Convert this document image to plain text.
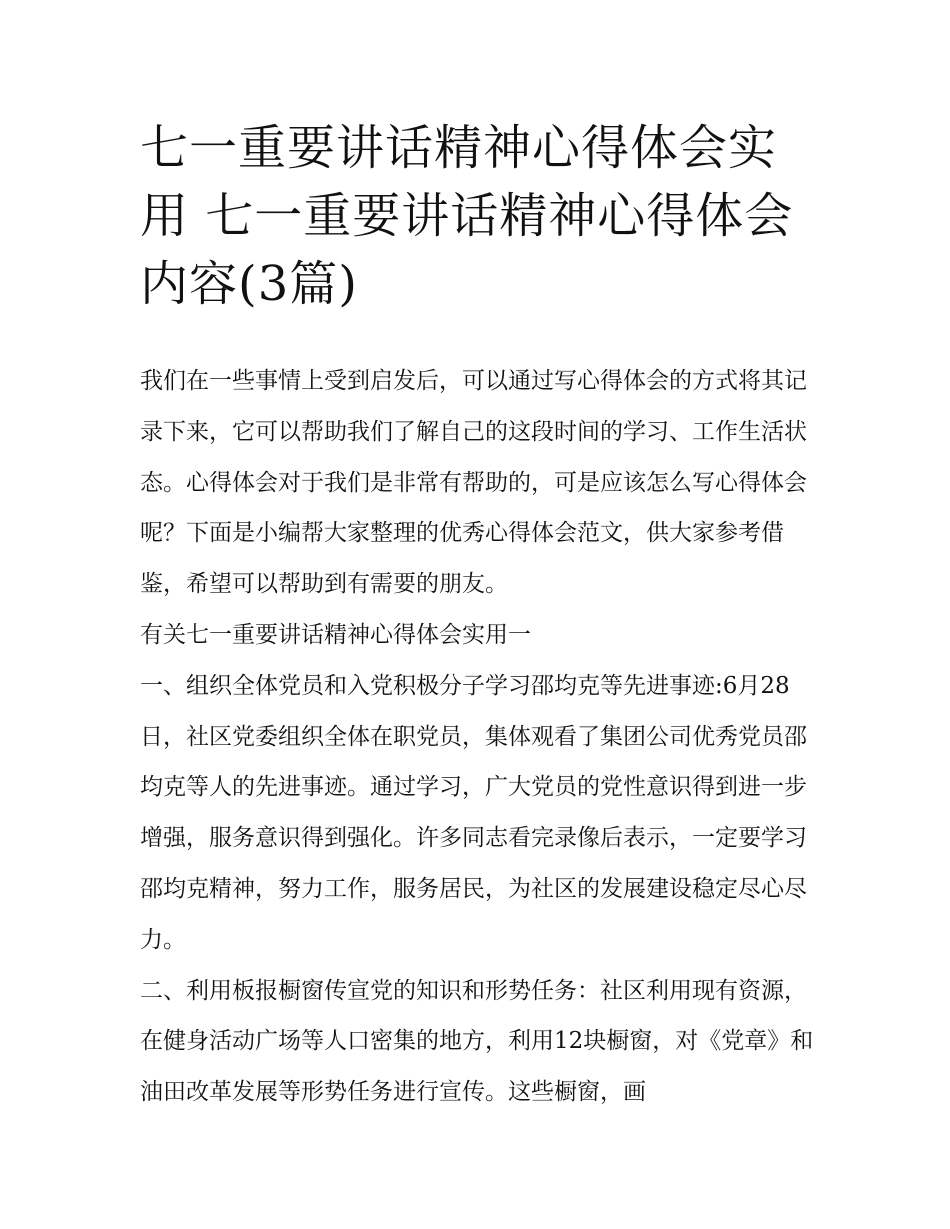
七一重要讲话精神心得体会实用 七一重要讲话精神心得体会内容(3篇)

我们在一些事情上受到启发后，可以通过写心得体会的方式将其记录下来，它可以帮助我们了解自己的这段时间的学习、工作生活状态。心得体会对于我们是非常有帮助的，可是应该怎么写心得体会呢？下面是小编帮大家整理的优秀心得体会范文，供大家参考借鉴，希望可以帮助到有需要的朋友。

有关七一重要讲话精神心得体会实用一

一、组织全体党员和入党积极分子学习邵均克等先进事迹:6月28日，社区党委组织全体在职党员，集体观看了集团公司优秀党员邵均克等人的先进事迹。通过学习，广大党员的党性意识得到进一步增强，服务意识得到强化。许多同志看完录像后表示，一定要学习邵均克精神，努力工作，服务居民，为社区的发展建设稳定尽心尽力。

二、利用板报橱窗传宣党的知识和形势任务：社区利用现有资源，在健身活动广场等人口密集的地方，利用12块橱窗，对《党章》和油田改革发展等形势任务进行宣传。这些橱窗，画
